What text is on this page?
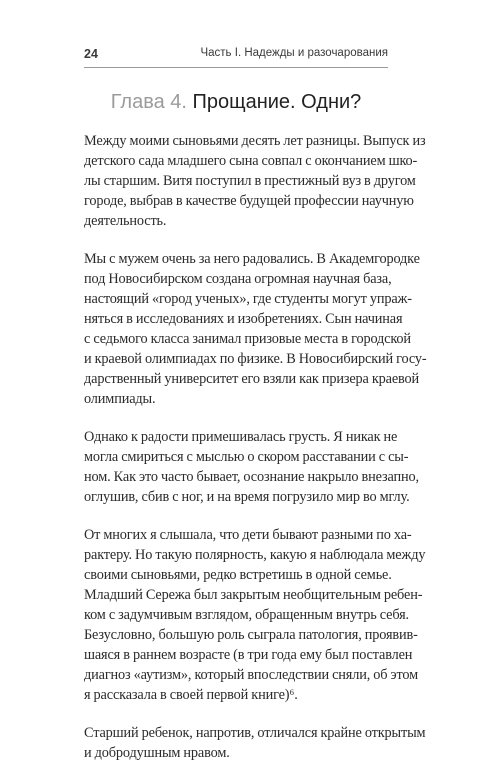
24	Часть I. Надежды и разочарования
Глава 4. Прощание. Одни?
Между моими сыновьями десять лет разницы. Выпуск из
детского сада младшего сына совпал с окончанием шко-
лы старшим. Витя поступил в престижный вуз в другом
городе, выбрав в качестве будущей профессии научную
деятельность.
Мы с мужем очень за него радовались. В Академгородке
под Новосибирском создана огромная научная база,
настоящий «город ученых», где студенты могут упраж-
няться в исследованиях и изобретениях. Сын начиная
с седьмого класса занимал призовые места в городской
и краевой олимпиадах по физике. В Новосибирский госу-
дарственный университет его взяли как призера краевой
олимпиады.
Однако к радости примешивалась грусть. Я никак не
могла смириться с мыслью о скором расставании с сы-
ном. Как это часто бывает, осознание накрыло внезапно,
оглушив, сбив с ног, и на время погрузило мир во мглу.
От многих я слышала, что дети бывают разными по ха-
рактеру. Но такую полярность, какую я наблюдала между
своими сыновьями, редко встретишь в одной семье.
Младший Сережа был закрытым необщительным ребен-
ком с задумчивым взглядом, обращенным внутрь себя.
Безусловно, большую роль сыграла патология, проявив-
шаяся в раннем возрасте (в три года ему был поставлен
диагноз «аутизм», который впоследствии сняли, об этом
я рассказала в своей первой книге)⁶.
Старший ребенок, напротив, отличался крайне открытым
и добродушным нравом.
